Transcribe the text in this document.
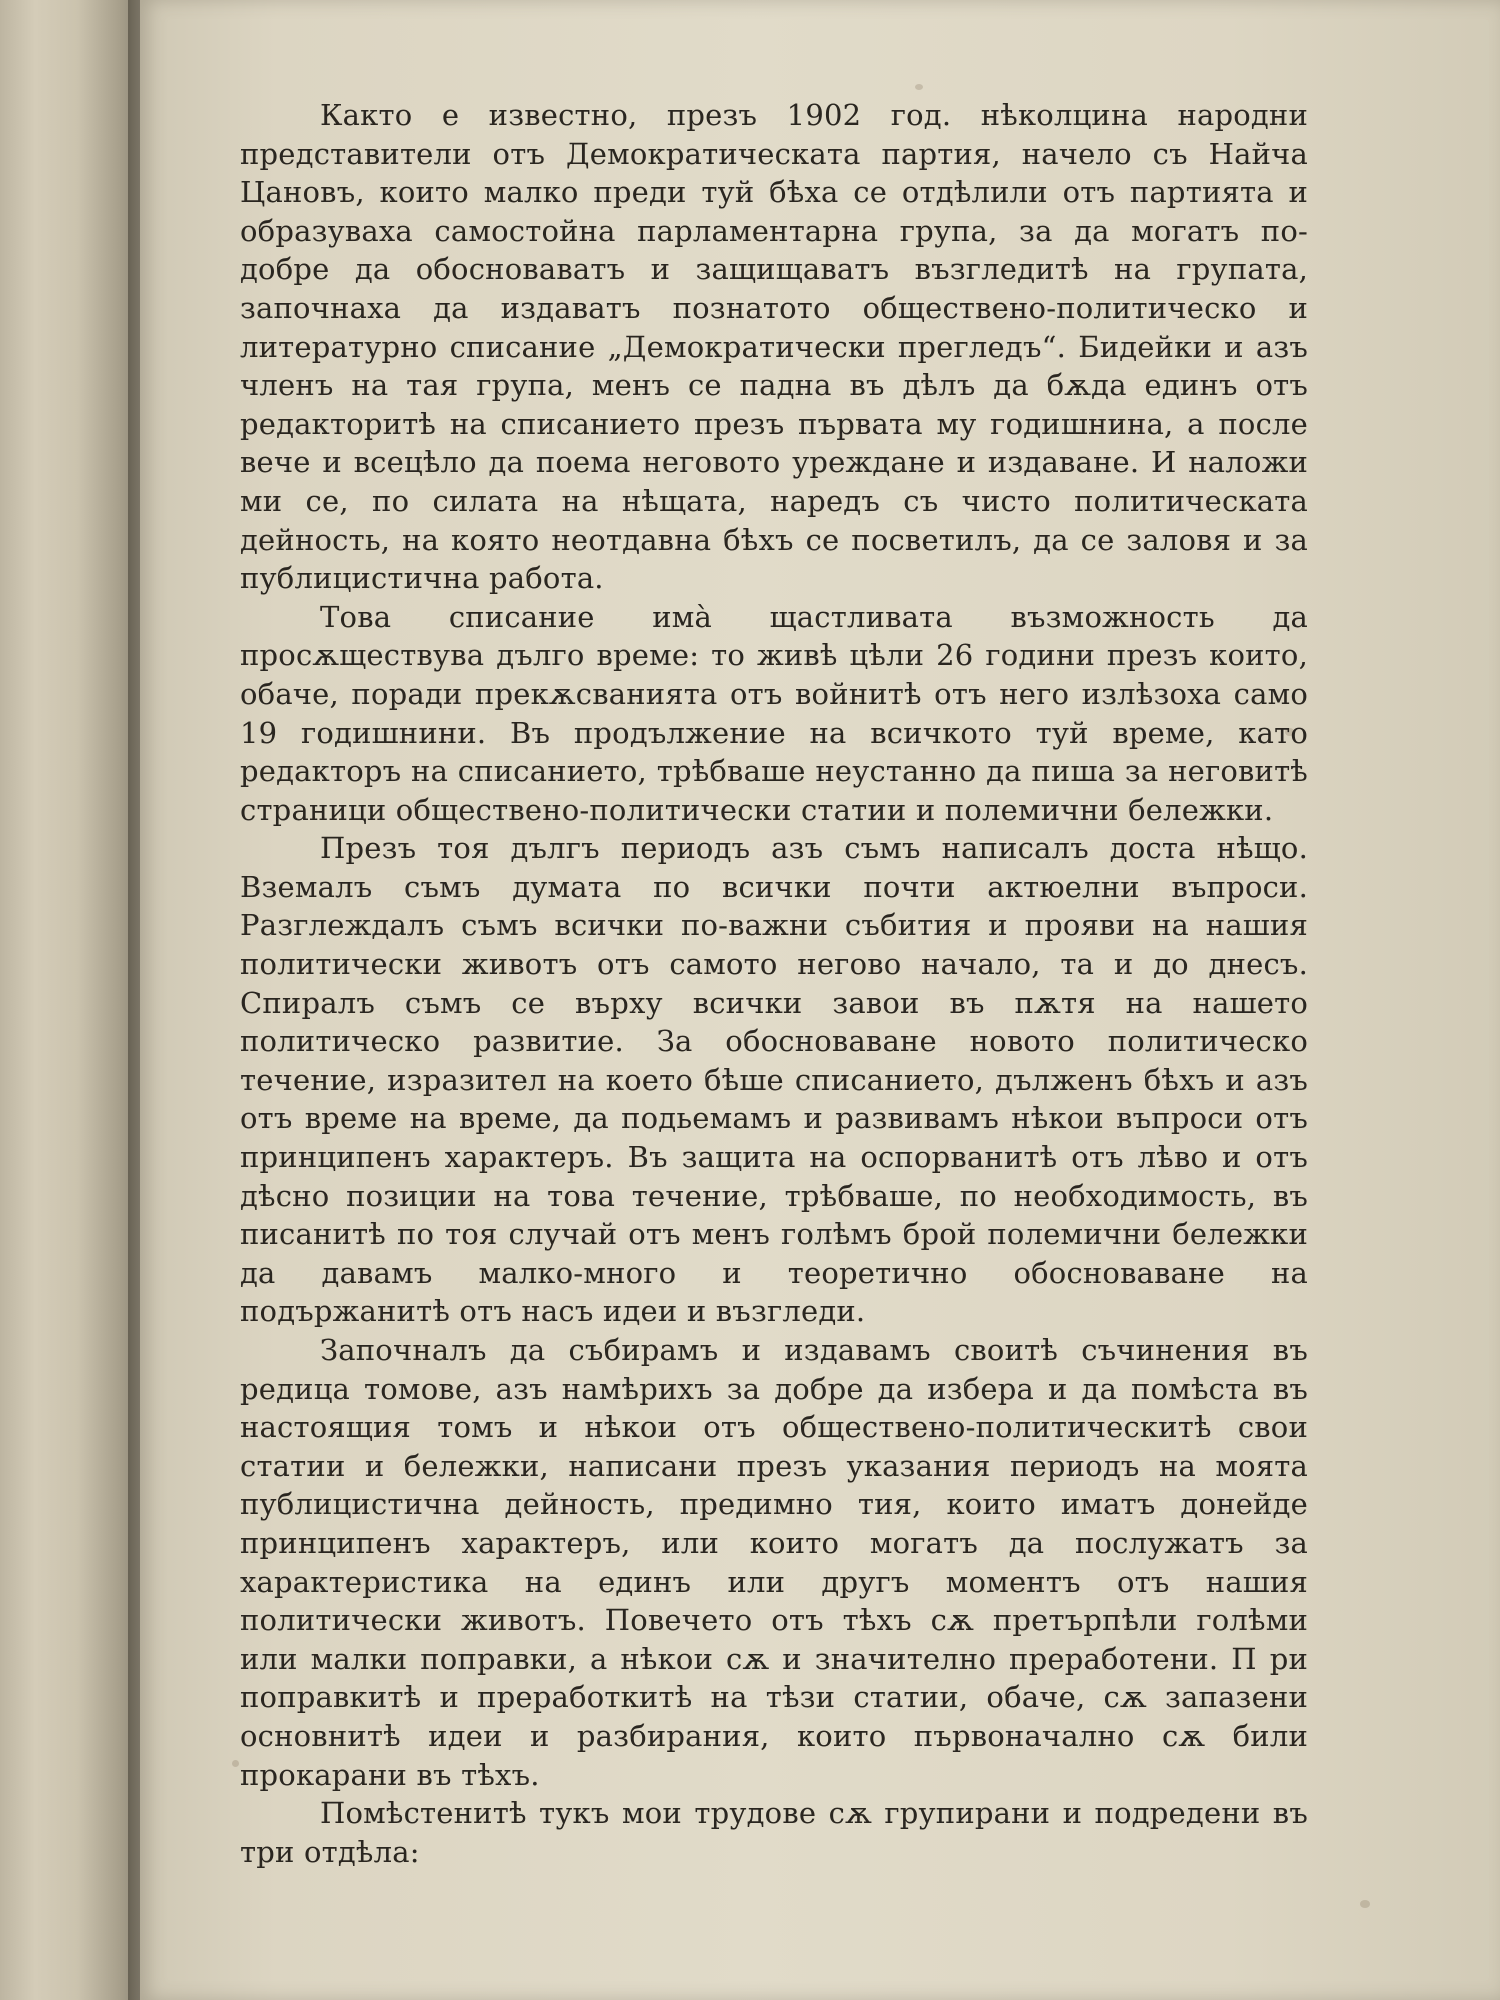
Както е известно, презъ 1902 год. нѣколцина народни представители отъ Демократическата партия, начело съ Найча Цановъ, които малко преди туй бѣха се отдѣлили отъ партията и образуваха самостойна парламентарна група, за да могатъ по-добре да обосноваватъ и защищаватъ възгледитѣ на групата, започнаха да издаватъ познатото обществено-политическо и литературно списание „Демократически прегледъ“. Бидейки и азъ членъ на тая група, менъ се падна въ дѣлъ да бѫда единъ отъ редакторитѣ на списанието презъ първата му годишнина, а после вече и всецѣло да поема неговото уреждане и издаване. И наложи ми се, по силата на нѣщата, наредъ съ чисто политическата дейность, на която неотдавна бѣхъ се посветилъ, да се заловя и за публицистична работа.

Това списание имà щастливата възможность да просѫществува дълго време: то живѣ цѣли 26 години презъ които, обаче, поради прекѫсванията отъ войнитѣ отъ него излѣзоха само 19 годишнини. Въ продължение на всичкото туй време, като редакторъ на списанието, трѣбваше неустанно да пиша за неговитѣ страници обществено-политически статии и полемични бележки.

Презъ тоя дългъ периодъ азъ съмъ написалъ доста нѣщо. Вземалъ съмъ думата по всички почти актюелни въпроси. Разглеждалъ съмъ всички по-важни събития и прояви на нашия политически животъ отъ самото негово начало, та и до днесъ. Спиралъ съмъ се върху всички завои въ пѫтя на нашето политическо развитие. За обосноваване новото политическо течение, изразител на което бѣше списанието, дълженъ бѣхъ и азъ отъ време на време, да подьемамъ и развивамъ нѣкои въпроси отъ принципенъ характеръ. Въ защита на оспорванитѣ отъ лѣво и отъ дѣсно позиции на това течение, трѣбваше, по необходимость, въ писанитѣ по тоя случай отъ менъ голѣмъ брой полемични бележки да давамъ малко-много и теоретично обосноваване на подържанитѣ отъ насъ идеи и възгледи.

Започналъ да събирамъ и издавамъ своитѣ съчинения въ редица томове, азъ намѣрихъ за добре да избера и да помѣста въ настоящия томъ и нѣкои отъ обществено-политическитѣ свои статии и бележки, написани презъ указания периодъ на моята публицистична дейность, предимно тия, които иматъ донейде принципенъ характеръ, или които могатъ да послужатъ за характеристика на единъ или другъ моментъ отъ нашия политически животъ. Повечето отъ тѣхъ сѫ претърпѣли голѣми или малки поправки, а нѣкои сѫ и значително преработени. П ри поправкитѣ и преработкитѣ на тѣзи статии, обаче, сѫ запазени основнитѣ идеи и разбирания, които първоначално сѫ били прокарани въ тѣхъ.

Помѣстенитѣ тукъ мои трудове сѫ групирани и подредени въ три отдѣла:
